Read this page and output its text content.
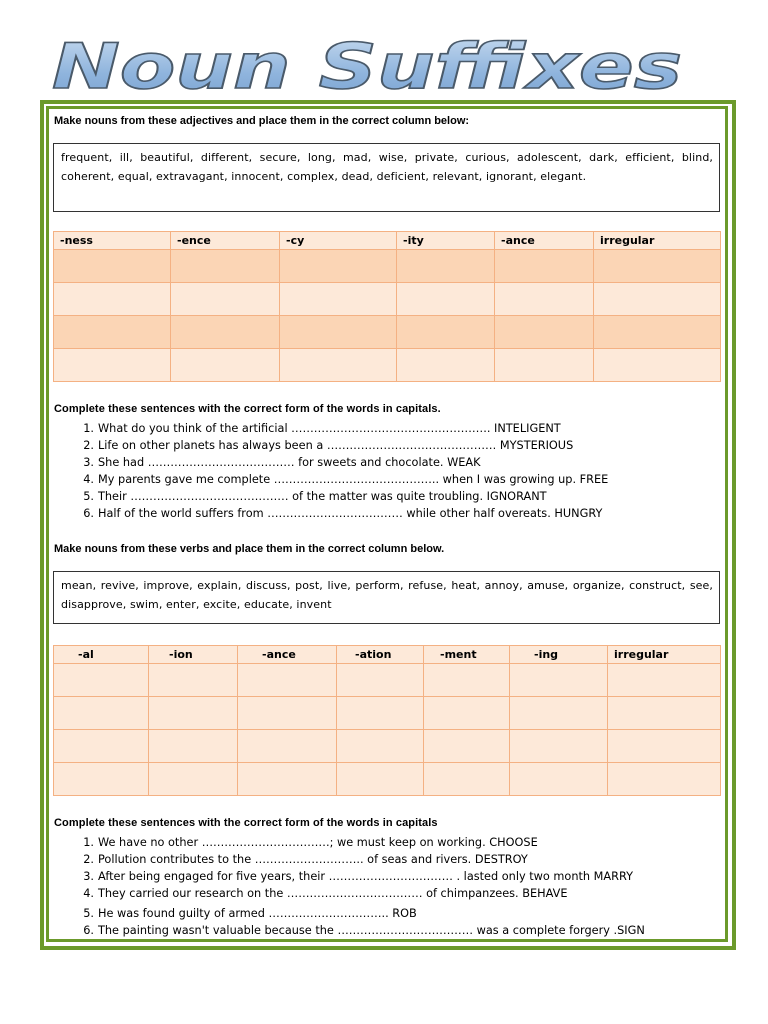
Noun Suffixes
Make nouns from these adjectives and place them in the correct column below:
frequent, ill, beautiful, different, secure, long, mad, wise, private, curious, adolescent, dark, efficient, blind, coherent, equal, extravagant, innocent, complex, dead, deficient, relevant, ignorant, elegant.
-ness	-ence	-cy	-ity	-ance	irregular

Complete these sentences with the correct form of the words in capitals.
1. What do you think of the artificial …………………………………………….. INTELIGENT
2. Life on other planets has always been a ……………………………………… MYSTERIOUS
3. She had ………………………………… for sweets and chocolate. WEAK
4. My parents gave me complete …………………………………….. when I was growing up. FREE
5. Their …………………………………… of the matter was quite troubling. IGNORANT
6. Half of the world suffers from ……………………………… while other half overeats. HUNGRY
Make nouns from these verbs and place them in the correct column below.
mean, revive, improve, explain, discuss, post, live, perform, refuse, heat, annoy, amuse, organize, construct, see, disapprove, swim, enter, excite, educate, invent
-al	-ion	-ance	-ation	-ment	-ing	irregular

Complete these sentences with the correct form of the words in capitals
1. We have no other …………………………….; we must keep on working. CHOOSE
2. Pollution contributes to the ……………………….. of seas and rivers. DESTROY
3. After being engaged for five years, their …………………………… . lasted only two month MARRY
4. They carried our research on the ……………………………… of chimpanzees. BEHAVE
5. He was found guilty of armed ………………………….. ROB
6. The painting wasn't valuable because the ……………………………… was a complete forgery .SIGN
